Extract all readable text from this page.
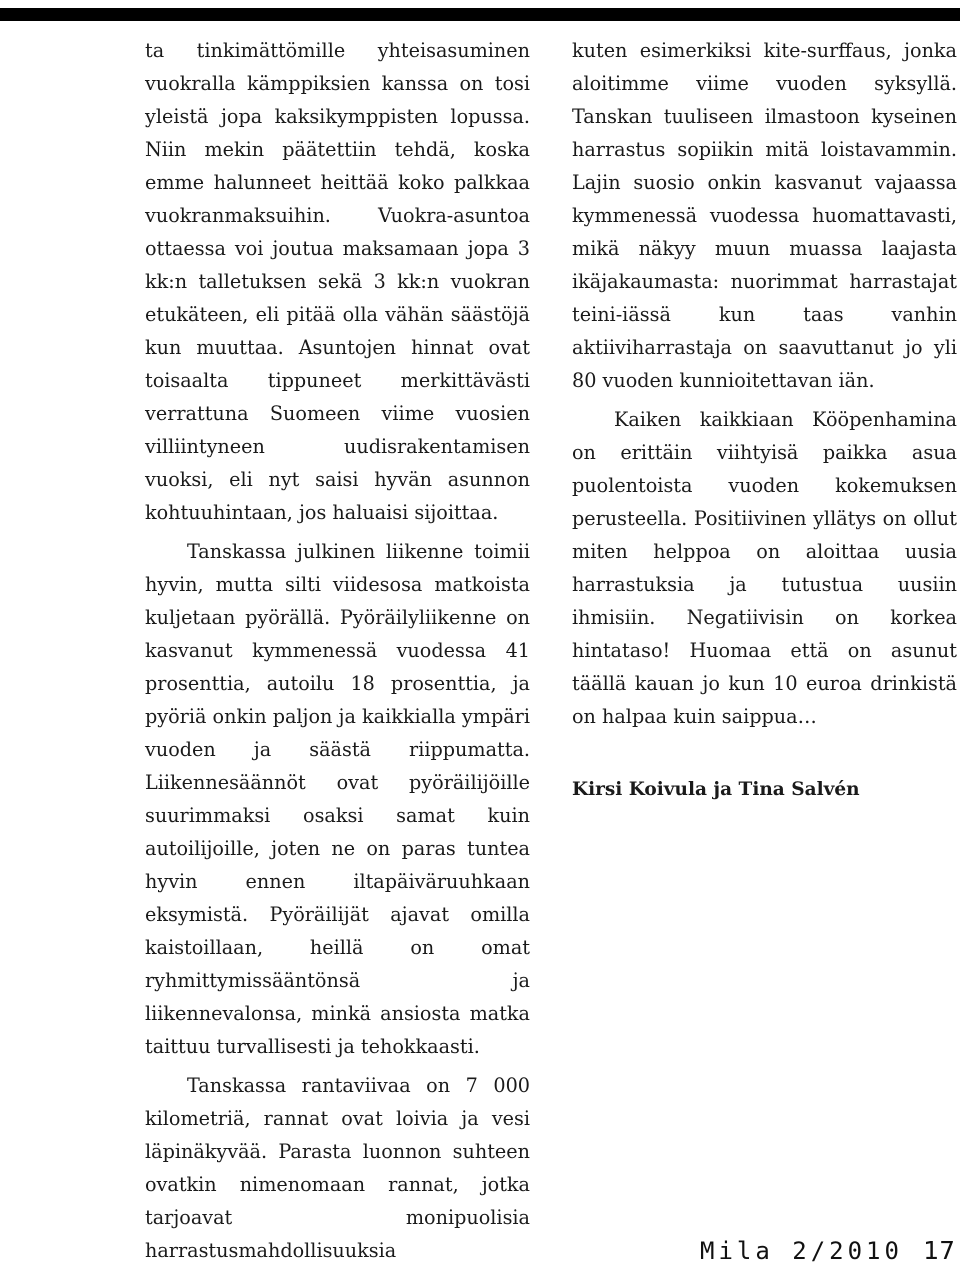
ta tinkimättömille yhteisasuminen vuokralla kämppiksien kanssa on tosi yleistä jopa kaksikymppisten lopussa. Niin mekin päätettiin tehdä, koska emme halunneet heittää koko palkkaa vuokranmaksuihin. Vuokra-asuntoa ottaessa voi joutua maksamaan jopa 3 kk:n talletuksen sekä 3 kk:n vuokran etukäteen, eli pitää olla vähän säästöjä kun muuttaa. Asuntojen hinnat ovat toisaalta tippuneet merkittävästi verrattuna Suomeen viime vuosien villiintyneen uudisrakentamisen vuoksi, eli nyt saisi hyvän asunnon kohtuuhintaan, jos haluaisi sijoittaa.

Tanskassa julkinen liikenne toimii hyvin, mutta silti viidesosa matkoista kuljetaan pyörällä. Pyöräilyliikenne on kasvanut kymmenessä vuodessa 41 prosenttia, autoilu 18 prosenttia, ja pyöriä onkin paljon ja kaikkialla ympäri vuoden ja säästä riippumatta. Liikennesäännöt ovat pyöräilijöille suurimmaksi osaksi samat kuin autoilijoille, joten ne on paras tuntea hyvin ennen iltapäiväruuhkaan eksymistä. Pyöräilijät ajavat omilla kaistoillaan, heillä on omat ryhmittymissääntönsä ja liikennevalonsa, minkä ansiosta matka taittuu turvallisesti ja tehokkaasti.

Tanskassa rantaviivaa on 7 000 kilometriä, rannat ovat loivia ja vesi läpinäkyvää. Parasta luonnon suhteen ovatkin nimenomaan rannat, jotka tarjoavat monipuolisia harrastusmahdollisuuksia

kuten esimerkiksi kite-surffaus, jonka aloitimme viime vuoden syksyllä. Tanskan tuuliseen ilmastoon kyseinen harrastus sopiikin mitä loistavammin. Lajin suosio onkin kasvanut vajaassa kymmenessä vuodessa huomattavasti, mikä näkyy muun muassa laajasta ikäjakaumasta: nuorimmat harrastajat teini-iässä kun taas vanhin aktiiviharrastaja on saavuttanut jo yli 80 vuoden kunnioitettavan iän.

Kaiken kaikkiaan Kööpenhamina on erittäin viihtyisä paikka asua puolentoista vuoden kokemuksen perusteella. Positiivinen yllätys on ollut miten helppoa on aloittaa uusia harrastuksia ja tutustua uusiin ihmisiin. Negatiivisin on korkea hintataso! Huomaa että on asunut täällä kauan jo kun 10 euroa drinkistä on halpaa kuin saippua…

Kirsi Koivula ja Tina Salvén

Mila 2/2010 17
